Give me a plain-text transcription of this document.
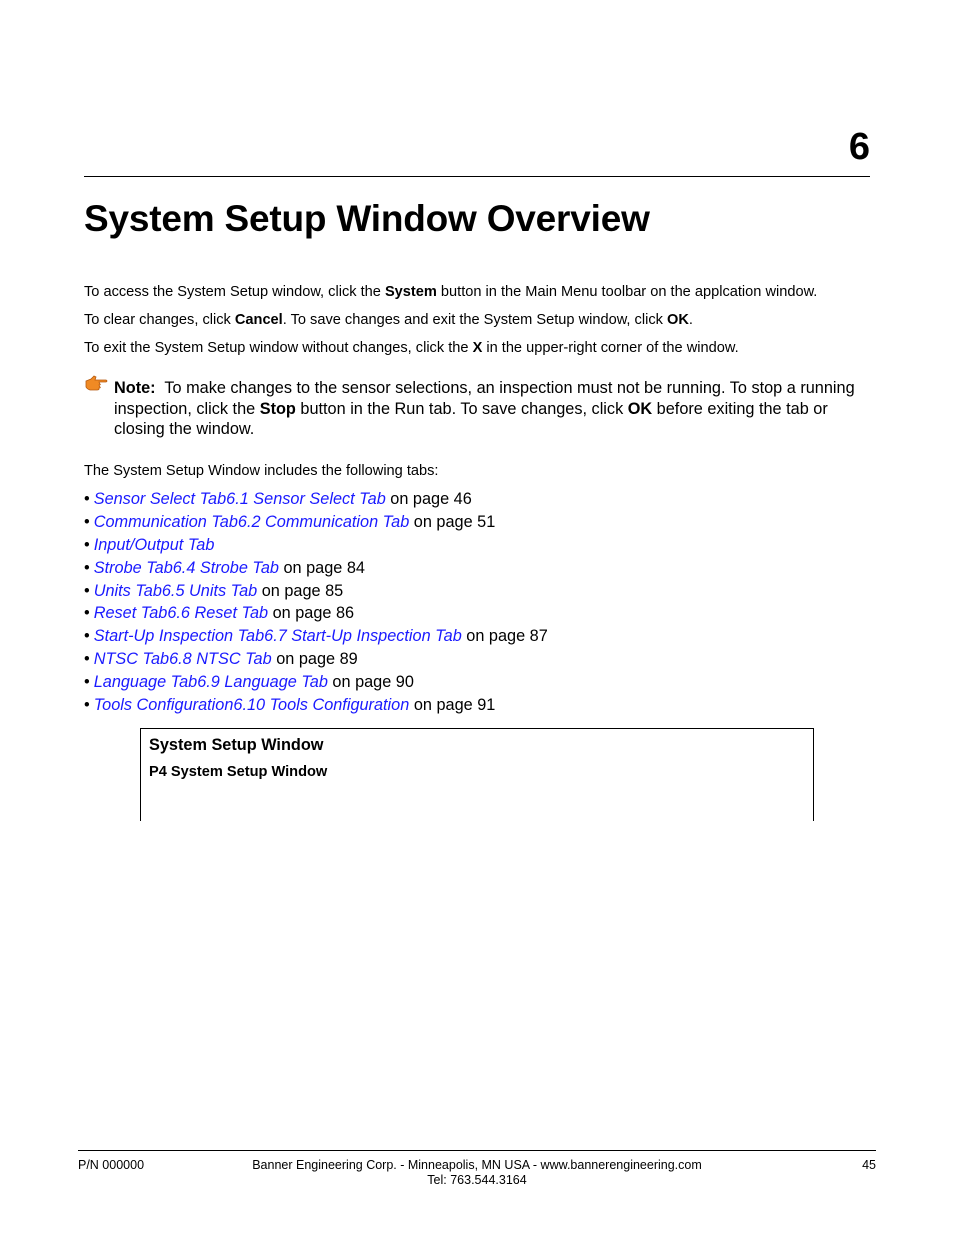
6
System Setup Window Overview

To access the System Setup window, click the System button in the Main Menu toolbar on the applcation window.

To clear changes, click Cancel. To save changes and exit the System Setup window, click OK.

To exit the System Setup window without changes, click the X in the upper-right corner of the window.

Note:  To make changes to the sensor selections, an inspection must not be running. To stop a running inspection, click the Stop button in the Run tab. To save changes, click OK before exiting the tab or closing the window.

The System Setup Window includes the following tabs:

• Sensor Select Tab6.1 Sensor Select Tab on page 46
• Communication Tab6.2 Communication Tab on page 51
• Input/Output Tab
• Strobe Tab6.4 Strobe Tab on page 84
• Units Tab6.5 Units Tab on page 85
• Reset Tab6.6 Reset Tab on page 86
• Start-Up Inspection Tab6.7 Start-Up Inspection Tab on page 87
• NTSC Tab6.8 NTSC Tab on page 89
• Language Tab6.9 Language Tab on page 90
• Tools Configuration6.10 Tools Configuration on page 91
System Setup Window
P4 System Setup Window
P/N 000000	Banner Engineering Corp. - Minneapolis, MN USA - www.bannerengineering.com
Tel: 763.544.3164
45
